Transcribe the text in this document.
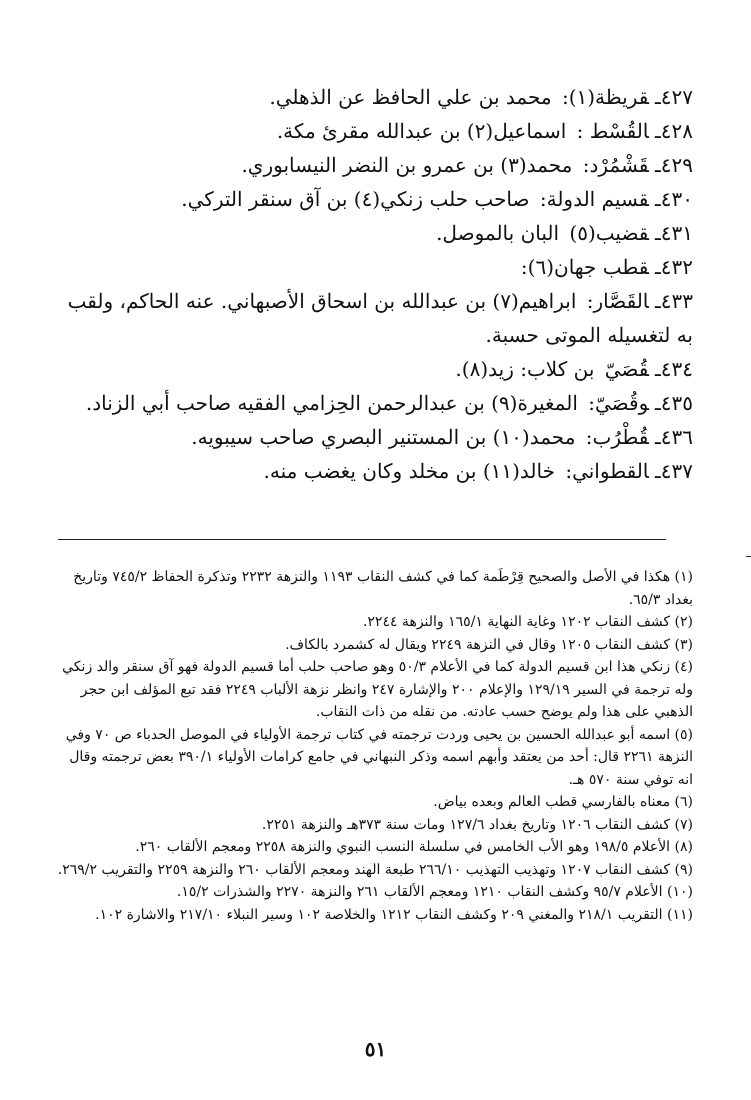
٤٢٧ـقريظة(١): محمد بن علي الحافظ عن الذهلي.
٤٢٨ـالقُسْط : اسماعيل(٢) بن عبدالله مقرئ مكة.
٤٢٩ـقَشْمُرْد: محمد(٣) بن عمرو بن النضر النيسابوري.
٤٣٠ـقسيم الدولة: صاحب حلب زنكي(٤) بن آق سنقر التركي.
٤٣١ـقضيب(٥) البان بالموصل.
٤٣٢ـقطب جهان(٦):
٤٣٣ـالقَصَّار: ابراهيم(٧) بن عبدالله بن اسحاق الأصبهاني. عنه الحاكم، ولقب به لتغسيله الموتى حسبة.
٤٣٤ـقُصَيّ بن كلاب: زيد(٨).
٤٣٥ـوقُصَيّ: المغيرة(٩) بن عبدالرحمن الحِزامي الفقيه صاحب أبي الزناد.
٤٣٦ـقُطْرُب: محمد(١٠) بن المستنير البصري صاحب سيبويه.
٤٣٧ـالقطواني: خالد(١١) بن مخلد وكان يغضب منه.
(١) هكذا في الأصل والصحيح قِرْطَمة كما في كشف النقاب ١١٩٣ والنزهة ٢٢٣٢ وتذكرة الحفاظ ٧٤٥/٢ وتاريخ بغداد ٦٥/٣.
(٢) كشف النقاب ١٢٠٢ وغاية النهاية ١٦٥/١ والنزهة ٢٢٤٤.
(٣) كشف النقاب ١٢٠٥ وقال في النزهة ٢٢٤٩ ويقال له كشمرد بالكاف.
(٤) زنكي هذا ابن قسيم الدولة كما في الأعلام ٥٠/٣ وهو صاحب حلب أما قسيم الدولة فهو آق سنقر والد زنكي وله ترجمة في السير ١٢٩/١٩ والإعلام ٢٠٠ والإشارة ٢٤٧ وانظر نزهة الألباب ٢٢٤٩ فقد تبع المؤلف ابن حجر الذهبي على هذا ولم يوضح حسب عادته. من نقله من ذات النقاب.
(٥) اسمه أبو عبدالله الحسين بن يحيى وردت ترجمته في كتاب ترجمة الأولياء في الموصل الحدباء ص ٧٠ وفي النزهة ٢٢٦١ قال: أحد من يعتقد وأبهم اسمه وذكر النبهاني في جامع كرامات الأولياء ٣٩٠/١ بعض ترجمته وقال انه توفي سنة ٥٧٠ هـ.
(٦) معناه بالفارسي قطب العالم وبعده بياض.
(٧) كشف النقاب ١٢٠٦ وتاريخ بغداد ١٢٧/٦ ومات سنة ٣٧٣هـ والنزهة ٢٢٥١.
(٨) الأعلام ١٩٨/٥ وهو الأب الخامس في سلسلة النسب النبوي والنزهة ٢٢٥٨ ومعجم الألقاب ٢٦٠.
(٩) كشف النقاب ١٢٠٧ وتهذيب التهذيب ٢٦٦/١٠ طبعة الهند ومعجم الألقاب ٢٦٠ والنزهة ٢٢٥٩ والتقريب ٢٦٩/٢.
(١٠) الأعلام ٩٥/٧ وكشف النقاب ١٢١٠ ومعجم الألقاب ٢٦١ والنزهة ٢٢٧٠ والشذرات ١٥/٢.
(١١) التقريب ٢١٨/١ والمغني ٢٠٩ وكشف النقاب ١٢١٢ والخلاصة ١٠٢ وسير النبلاء ٢١٧/١٠ والاشارة ١٠٢.
٥١
